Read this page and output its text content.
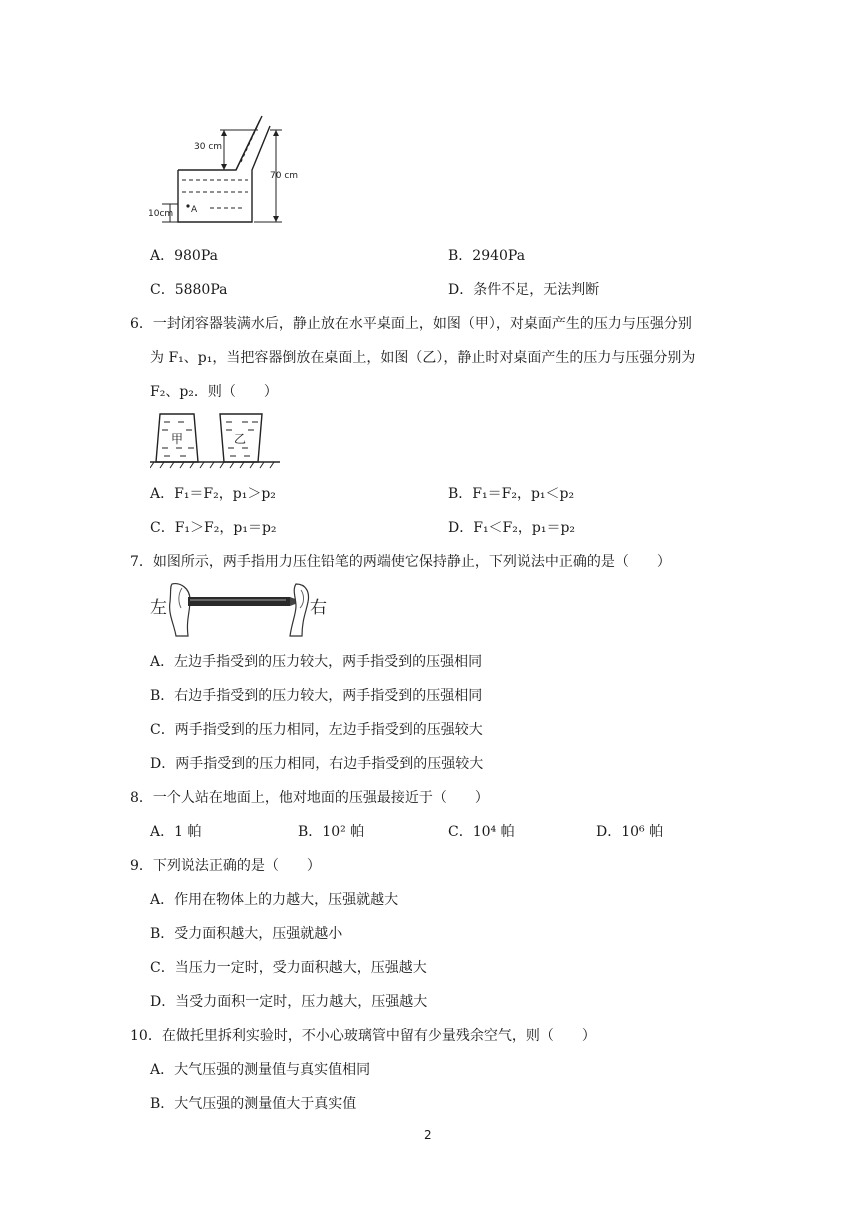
30 cm
70 cm
10cm A
A．980Pa	B．2940Pa
C．5880Pa	D．条件不足，无法判断
6．一封闭容器装满水后，静止放在水平桌面上，如图（甲），对桌面产生的压力与压强分别
为 F₁、p₁，当把容器倒放在桌面上，如图（乙），静止时对桌面产生的压力与压强分别为
F₂、p₂．则（　　）
甲	乙
A．F₁＝F₂，p₁＞p₂	B．F₁＝F₂，p₁＜p₂
C．F₁＞F₂，p₁＝p₂	D．F₁＜F₂，p₁＝p₂
7．如图所示，两手指用力压住铅笔的两端使它保持静止，下列说法中正确的是（　　）
左	右
A．左边手指受到的压力较大，两手指受到的压强相同
B．右边手指受到的压力较大，两手指受到的压强相同
C．两手指受到的压力相同，左边手指受到的压强较大
D．两手指受到的压力相同，右边手指受到的压强较大
8．一个人站在地面上，他对地面的压强最接近于（　　）
A．1 帕	B．10² 帕	C．10⁴ 帕	D．10⁶ 帕
9．下列说法正确的是（　　）
A．作用在物体上的力越大，压强就越大
B．受力面积越大，压强就越小
C．当压力一定时，受力面积越大，压强越大
D．当受力面积一定时，压力越大，压强越大
10．在做托里拆利实验时，不小心玻璃管中留有少量残余空气，则（　　）
A．大气压强的测量值与真实值相同
B．大气压强的测量值大于真实值
2
